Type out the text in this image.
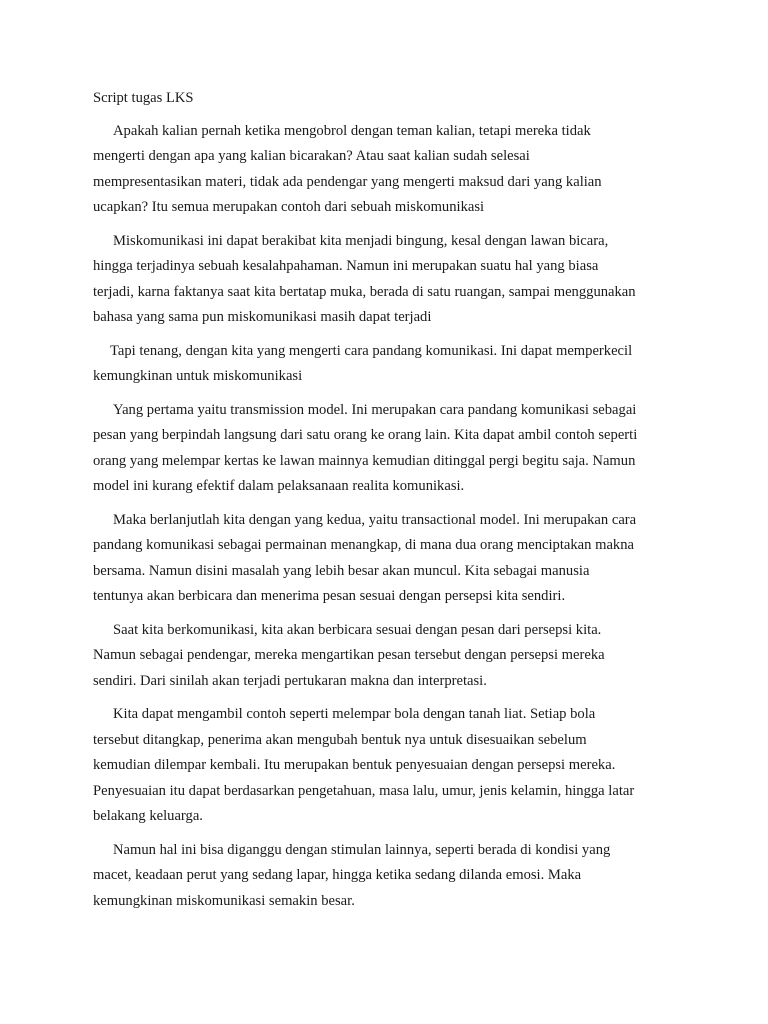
Script tugas LKS

Apakah kalian pernah ketika mengobrol dengan teman kalian, tetapi mereka tidak
mengerti dengan apa yang kalian bicarakan? Atau saat kalian sudah selesai
mempresentasikan materi, tidak ada pendengar yang mengerti maksud dari yang kalian
ucapkan? Itu semua merupakan contoh dari sebuah miskomunikasi

Miskomunikasi ini dapat berakibat kita menjadi bingung, kesal dengan lawan bicara,
hingga terjadinya sebuah kesalahpahaman. Namun ini merupakan suatu hal yang biasa
terjadi, karna faktanya saat kita bertatap muka, berada di satu ruangan, sampai menggunakan
bahasa yang sama pun miskomunikasi masih dapat terjadi

Tapi tenang, dengan kita yang mengerti cara pandang komunikasi. Ini dapat memperkecil
kemungkinan untuk miskomunikasi

Yang pertama yaitu transmission model. Ini merupakan cara pandang komunikasi sebagai
pesan yang berpindah langsung dari satu orang ke orang lain. Kita dapat ambil contoh seperti
orang yang melempar kertas ke lawan mainnya kemudian ditinggal pergi begitu saja. Namun
model ini kurang efektif dalam pelaksanaan realita komunikasi.

Maka berlanjutlah kita dengan yang kedua, yaitu transactional model. Ini merupakan cara
pandang komunikasi sebagai permainan menangkap, di mana dua orang menciptakan makna
bersama. Namun disini masalah yang lebih besar akan muncul. Kita sebagai manusia
tentunya akan berbicara dan menerima pesan sesuai dengan persepsi kita sendiri.

Saat kita berkomunikasi, kita akan berbicara sesuai dengan pesan dari persepsi kita.
Namun sebagai pendengar, mereka mengartikan pesan tersebut dengan persepsi mereka
sendiri. Dari sinilah akan terjadi pertukaran makna dan interpretasi.

Kita dapat mengambil contoh seperti melempar bola dengan tanah liat. Setiap bola
tersebut ditangkap, penerima akan mengubah bentuk nya untuk disesuaikan sebelum
kemudian dilempar kembali. Itu merupakan bentuk penyesuaian dengan persepsi mereka.
Penyesuaian itu dapat berdasarkan pengetahuan, masa lalu, umur, jenis kelamin, hingga latar
belakang keluarga.

Namun hal ini bisa diganggu dengan stimulan lainnya, seperti berada di kondisi yang
macet, keadaan perut yang sedang lapar, hingga ketika sedang dilanda emosi. Maka
kemungkinan miskomunikasi semakin besar.
